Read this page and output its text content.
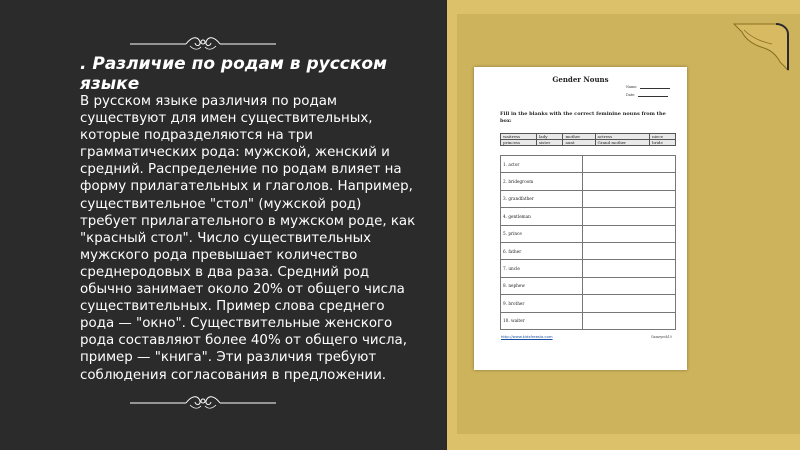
. Различие по родам в русском языке

В русском языке различия по родам существуют для имен существительных, которые подразделяются на три грамматических рода: мужской, женский и средний. Распределение по родам влияет на форму прилагательных и глаголов. Например, существительное "стол" (мужской род) требует прилагательного в мужском роде, как "красный стол". Число существительных мужского рода превышает количество среднеродовых в два раза. Средний род обычно занимает около 20% от общего числа существительных. Пример слова среднего рода — "окно". Существительные женского рода составляют более 40% от общего числа, пример — "книга". Эти различия требуют соблюдения согласования в предложении.

Gender Nouns
Name:
Date:
Fill in the blanks with the correct feminine nouns from the box:
waitress	lady	mother	actress	niece
princess	sister	aunt	Grand mother	bride
1. actor	
2. bridegroom	
3. grandfather	
4. gentleman	
5. prince	
6. father	
7. uncle	
8. nephew	
9. brother	
10. waiter	
http://www.kidsfreeslo.com	Gameyesh10
